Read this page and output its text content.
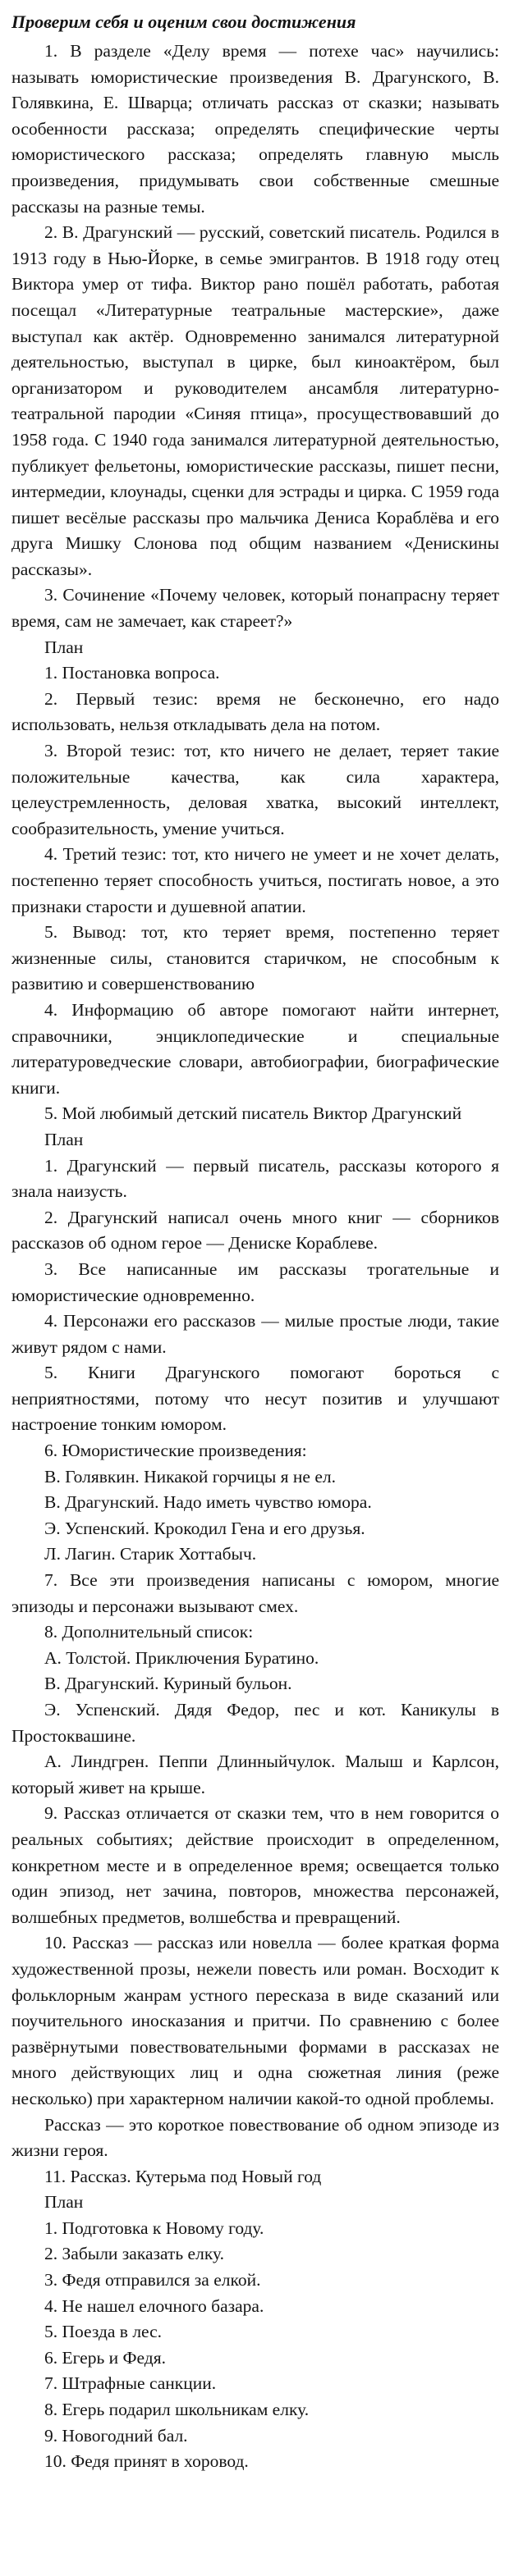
Проверим себя и оценим свои достижения

1. В разделе «Делу время — потехе час» научились: называть юмористические произведения В. Драгунского, В. Голявкина, Е. Шварца; отличать рассказ от сказки; называть особенности рассказа; определять специфические черты юмористического рассказа; определять главную мысль произведения, придумывать свои собственные смешные рассказы на разные темы.

2. В. Драгунский — русский, советский писатель. Родился в 1913 году в Нью-Йорке, в семье эмигрантов. В 1918 году отец Виктора умер от тифа. Виктор рано пошёл работать, работая посещал «Литературные театральные мастерские», даже выступал как актёр. Одновременно занимался литературной деятельностью, выступал в цирке, был киноактёром, был организатором и руководителем ансамбля литературно-театральной пародии «Синяя птица», просуществовавший до 1958 года. С 1940 года занимался литературной деятельностью, публикует фельетоны, юмористические рассказы, пишет песни, интермедии, клоунады, сценки для эстрады и цирка. С 1959 года пишет весёлые рассказы про мальчика Дениса Кораблёва и его друга Мишку Слонова под общим названием «Денискины рассказы».

3. Сочинение «Почему человек, который понапрасну теряет время, сам не замечает, как стареет?»

План

1. Постановка вопроса.

2. Первый тезис: время не бесконечно, его надо использовать, нельзя откладывать дела на потом.

3. Второй тезис: тот, кто ничего не делает, теряет такие положительные качества, как сила характера, целеустремленность, деловая хватка, высокий интеллект, сообразительность, умение учиться.

4. Третий тезис: тот, кто ничего не умеет и не хочет делать, постепенно теряет способность учиться, постигать новое, а это признаки старости и душевной апатии.

5. Вывод: тот, кто теряет время, постепенно теряет жизненные силы, становится старичком, не способным к развитию и совершенствованию

4. Информацию об авторе помогают найти интернет, справочники, энциклопедические и специальные литературоведческие словари, автобиографии, биографические книги.

5. Мой любимый детский писатель Виктор Драгунский

План

1. Драгунский — первый писатель, рассказы которого я знала наизусть.

2. Драгунский написал очень много книг — сборников рассказов об одном герое — Дениске Кораблеве.

3. Все написанные им рассказы трогательные и юмористические одновременно.

4. Персонажи его рассказов — милые простые люди, такие живут рядом с нами.

5. Книги Драгунского помогают бороться с неприятностями, потому что несут позитив и улучшают настроение тонким юмором.

6. Юмористические произведения:

В. Голявкин. Никакой горчицы я не ел.

В. Драгунский. Надо иметь чувство юмора.

Э. Успенский. Крокодил Гена и его друзья.

Л. Лагин. Старик Хоттабыч.

7. Все эти произведения написаны с юмором, многие эпизоды и персонажи вызывают смех.

8. Дополнительный список:

А. Толстой. Приключения Буратино.

В. Драгунский. Куриный бульон.

Э. Успенский. Дядя Федор, пес и кот. Каникулы в Простоквашине.

А. Линдгрен. Пеппи Длинныйчулок. Малыш и Карлсон, который живет на крыше.

9. Рассказ отличается от сказки тем, что в нем говорится о реальных событиях; действие происходит в определенном, конкретном месте и в определенное время; освещается только один эпизод, нет зачина, повторов, множества персонажей, волшебных предметов, волшебства и превращений.

10. Рассказ — рассказ или новелла — более краткая форма художественной прозы, нежели повесть или роман. Восходит к фольклорным жанрам устного пересказа в виде сказаний или поучительного иносказания и притчи. По сравнению с более развёрнутыми повествовательными формами в рассказах не много действующих лиц и одна сюжетная линия (реже несколько) при характерном наличии какой-то одной проблемы.

Рассказ — это короткое повествование об одном эпизоде из жизни героя.

11. Рассказ. Кутерьма под Новый год

План

1. Подготовка к Новому году.

2. Забыли заказать елку.

3. Федя отправился за елкой.

4. Не нашел елочного базара.

5. Поезда в лес.

6. Егерь и Федя.

7. Штрафные санкции.

8. Егерь подарил школьникам елку.

9. Новогодний бал.

10. Федя принят в хоровод.
